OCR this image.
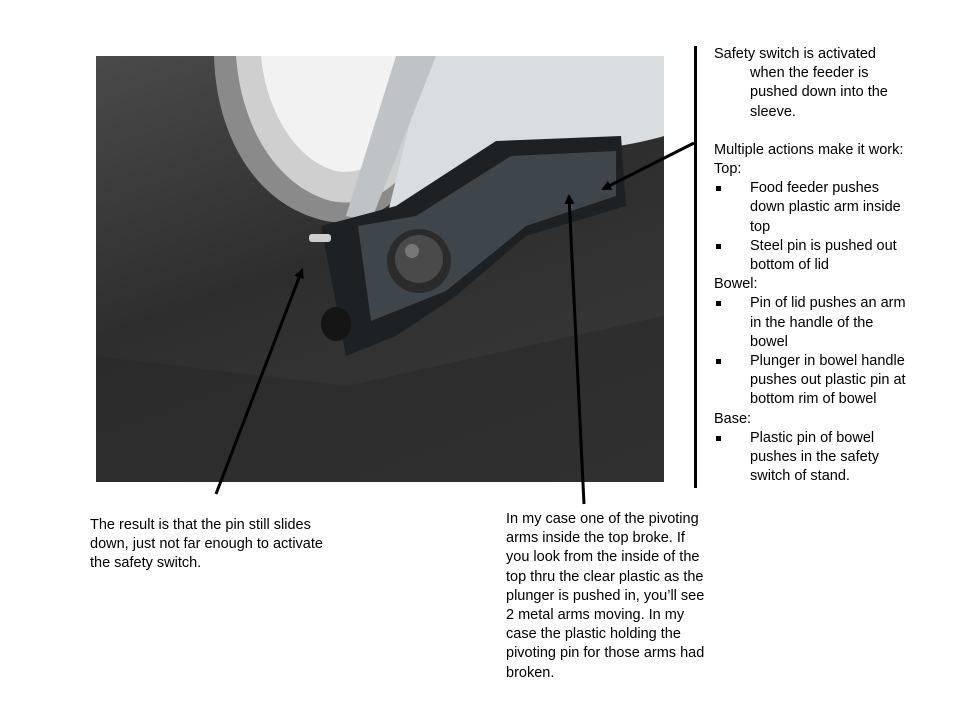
Safety switch is activated when the feeder is pushed down into the sleeve.

Multiple actions make it work:

Top:

Food feeder pushes down plastic arm inside top
Steel pin is pushed out bottom of lid

Bowel:

Pin of lid pushes an arm in the handle of the bowel
Plunger in bowel handle pushes out plastic pin at bottom rim of bowel

Base:

Plastic pin of bowel pushes in the safety switch of stand.

The result is that the pin still slides down, just not far enough to activate the safety switch.

In my case one of the pivoting arms inside the top broke. If you look from the inside of the top thru the clear plastic as the plunger is pushed in, you’ll see 2 metal arms moving. In my case the plastic holding the pivoting pin for those arms had broken.
